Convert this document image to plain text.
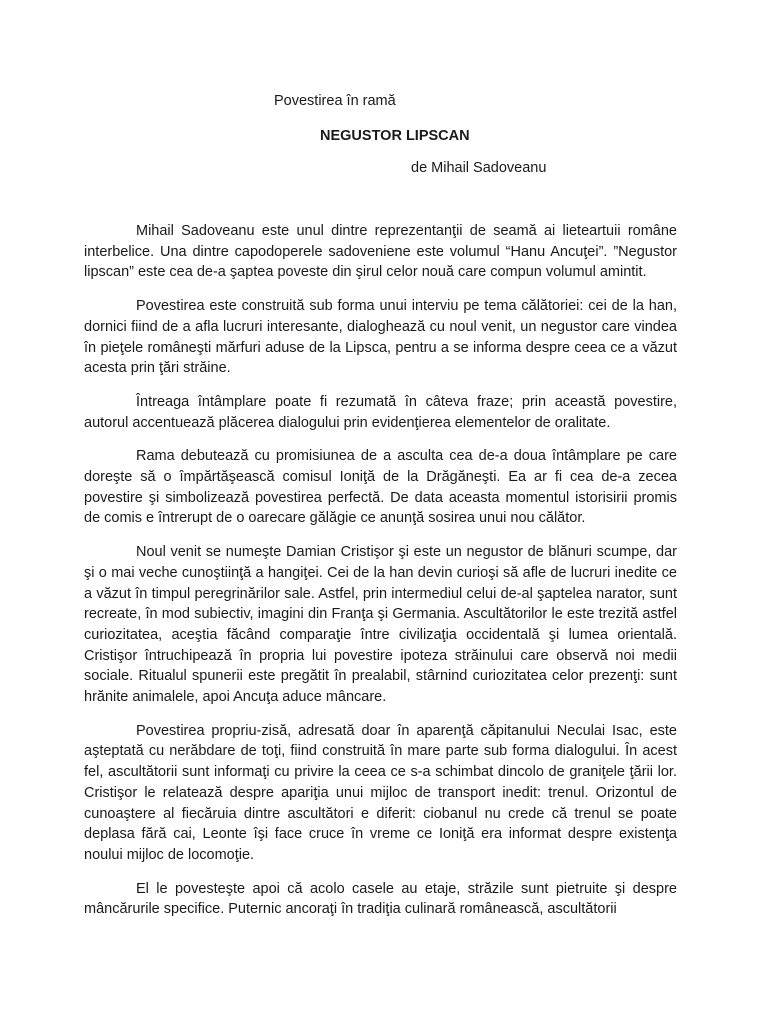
Povestirea în ramă
NEGUSTOR LIPSCAN
de Mihail Sadoveanu

Mihail Sadoveanu este unul dintre reprezentanţii de seamă ai lieteartuii române interbelice. Una dintre capodoperele sadoveniene este volumul “Hanu Ancuţei”. ”Negustor lipscan” este cea de-a şaptea poveste din şirul celor nouă care compun volumul amintit.

Povestirea este construită sub forma unui interviu pe tema călătoriei: cei de la han, dornici fiind de a afla lucruri interesante, dialoghează cu noul venit, un negustor care vindea în pieţele româneşti mărfuri aduse de la Lipsca, pentru a se informa despre ceea ce a văzut acesta prin ţări străine.

Întreaga întâmplare poate fi rezumată în câteva fraze; prin această povestire, autorul accentuează plăcerea dialogului prin evidenţierea elementelor de oralitate.

Rama debutează cu promisiunea de a asculta cea de-a doua întâmplare pe care doreşte să o împărtăşească comisul Ioniţă de la Drăgăneşti. Ea ar fi cea de-a zecea povestire şi simbolizează povestirea perfectă. De data aceasta momentul istorisirii promis de comis e întrerupt de o oarecare gălăgie ce anunţă sosirea unui nou călător.

Noul venit se numeşte Damian Cristişor şi este un negustor de blănuri scumpe, dar şi o mai veche cunoştiinţă a hangiţei. Cei de la han devin curioşi să afle de lucruri inedite ce a văzut în timpul peregrinărilor sale. Astfel, prin intermediul celui de-al şaptelea narator, sunt recreate, în mod subiectiv, imagini din Franţa şi Germania. Ascultătorilor le este trezită astfel curiozitatea, aceştia făcând comparaţie între civilizaţia occidentală şi lumea orientală. Cristişor întruchipează în propria lui povestire ipoteza străinului care observă noi medii sociale. Ritualul spunerii este pregătit în prealabil, stârnind curiozitatea celor prezenţi: sunt hrănite animalele, apoi Ancuţa aduce mâncare.

Povestirea propriu-zisă, adresată doar în aparenţă căpitanului Neculai Isac, este aşteptată cu nerăbdare de toţi, fiind construită în mare parte sub forma dialogului. În acest fel, ascultătorii sunt informaţi cu privire la ceea ce s-a schimbat dincolo de graniţele ţării lor. Cristişor le relatează despre apariţia unui mijloc de transport inedit: trenul. Orizontul de cunoaştere al fiecăruia dintre ascultători e diferit: ciobanul nu crede că trenul se poate deplasa fără cai, Leonte îşi face cruce în vreme ce Ioniţă era informat despre existenţa noului mijloc de locomoţie.

El le povesteşte apoi că acolo casele au etaje, străzile sunt pietruite şi despre mâncărurile specifice. Puternic ancoraţi în tradiţia culinară românească, ascultătorii
